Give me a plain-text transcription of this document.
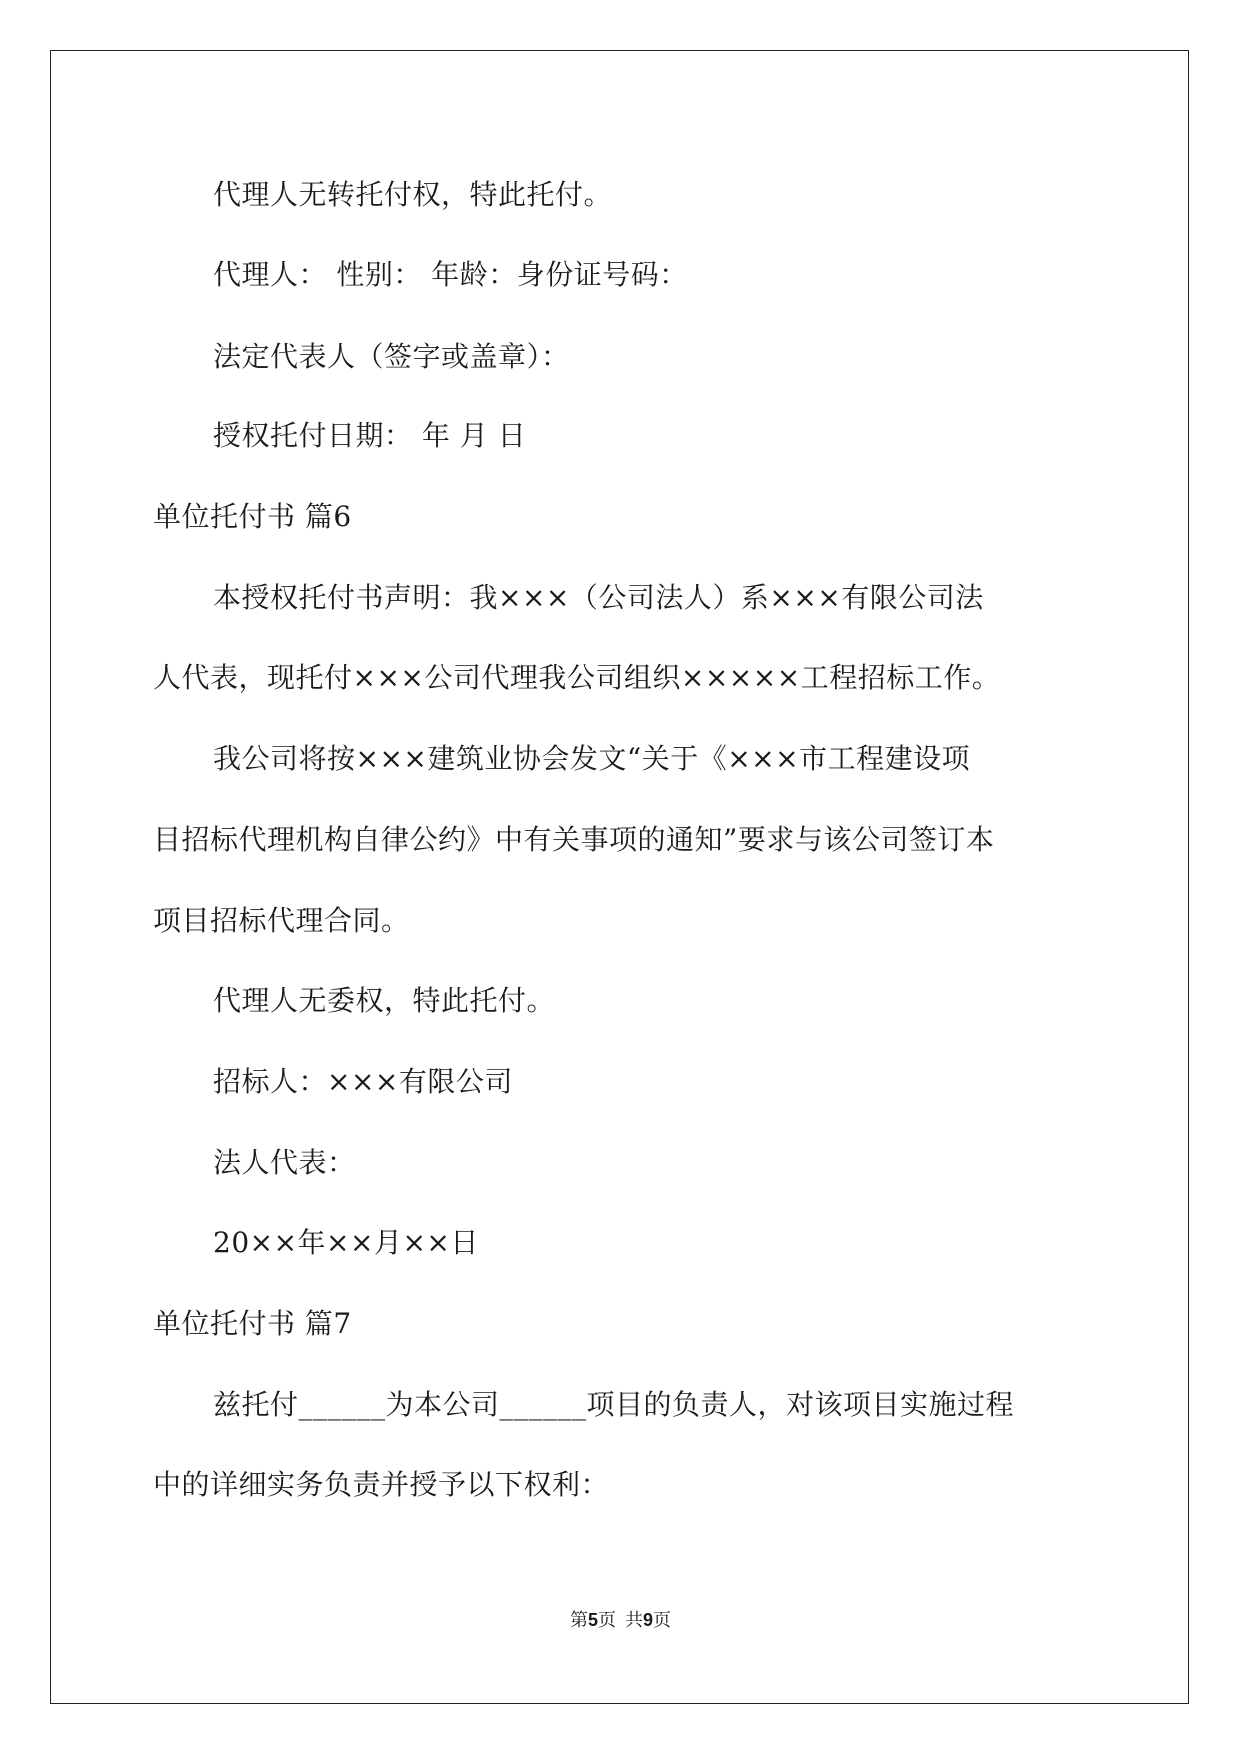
代理人无转托付权，特此托付。
代理人： 性别： 年龄：身份证号码：
法定代表人（签字或盖章）：
授权托付日期： 年 月 日
单位托付书 篇6
本授权托付书声明：我×××（公司法人）系×××有限公司法
人代表，现托付×××公司代理我公司组织×××××工程招标工作。
我公司将按×××建筑业协会发文“关于《×××市工程建设项
目招标代理机构自律公约》中有关事项的通知”要求与该公司签订本
项目招标代理合同。
代理人无委权，特此托付。
招标人：×××有限公司
法人代表：
20××年××月××日
单位托付书 篇7
兹托付______为本公司______项目的负责人，对该项目实施过程
中的详细实务负责并授予以下权利：
第5页  共9页
